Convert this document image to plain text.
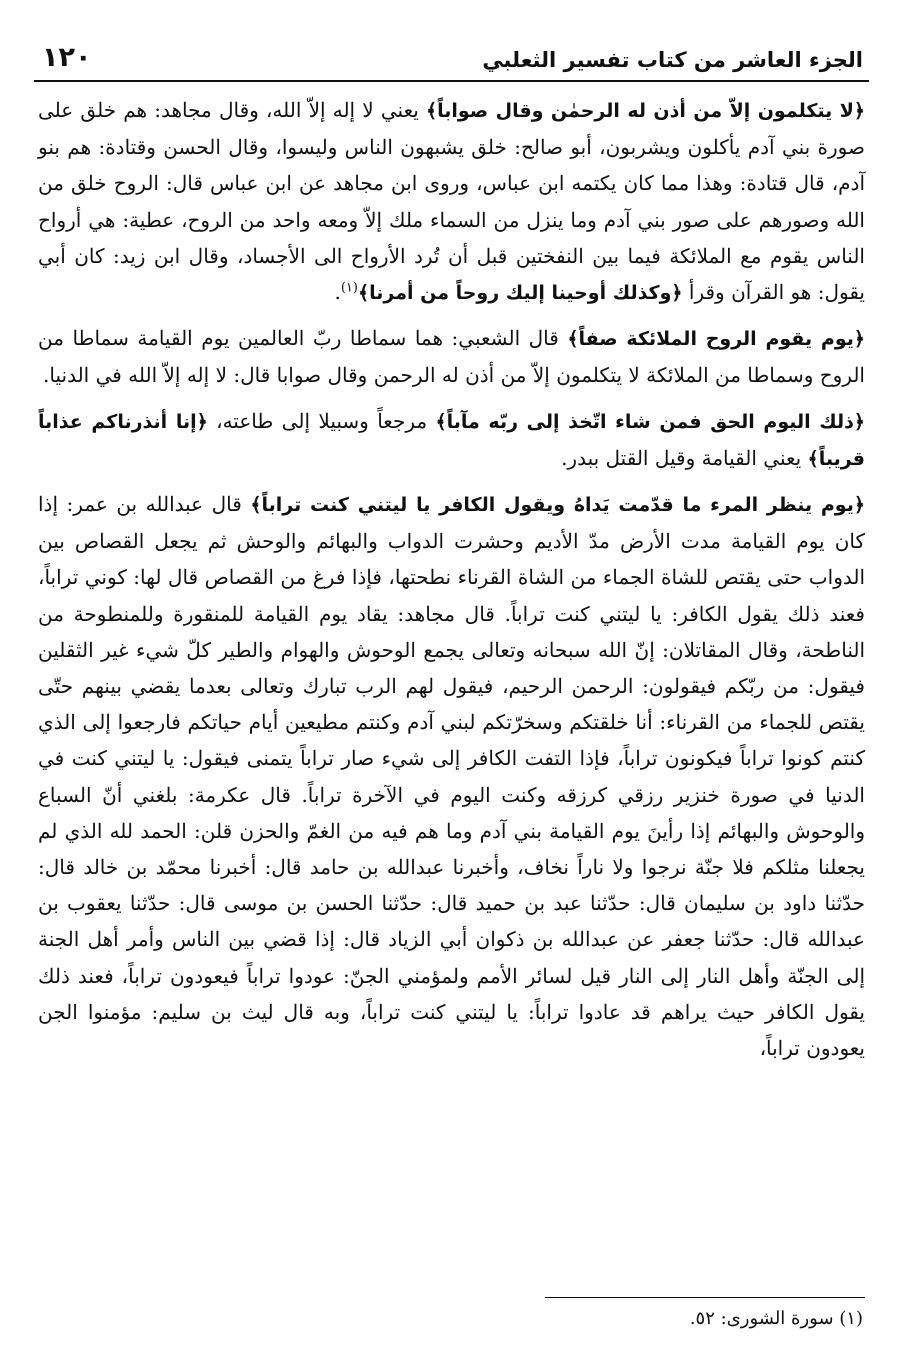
الجزء العاشر من كتاب تفسير الثعلبي
١٢٠

﴿لا يتكلمون إلاّ من أذن له الرحمٰن وقال صواباً﴾ يعني لا إله إلاّ الله، وقال مجاهد: هم خلق على صورة بني آدم يأكلون ويشربون، أبو صالح: خلق يشبهون الناس وليسوا، وقال الحسن وقتادة: هم بنو آدم، قال قتادة: وهذا مما كان يكتمه ابن عباس، وروى ابن مجاهد عن ابن عباس قال: الروح خلق من الله وصورهم على صور بني آدم وما ينزل من السماء ملك إلاّ ومعه واحد من الروح، عطية: هي أرواح الناس يقوم مع الملائكة فيما بين النفختين قبل أن تُرد الأرواح الى الأجساد، وقال ابن زيد: كان أبي يقول: هو القرآن وقرأ ﴿وكذلك أوحينا إليك روحاً من أمرنا﴾$^{(١)}$.

﴿يوم يقوم الروح الملائكة صفاً﴾ قال الشعبي: هما سماطا ربّ العالمين يوم القيامة سماطا من الروح وسماطا من الملائكة لا يتكلمون إلاّ من أذن له الرحمن وقال صوابا قال: لا إله إلاّ الله في الدنيا.

﴿ذلك اليوم الحق فمن شاء اتّخذ إلى ربّه مآباً﴾ مرجعاً وسبيلا إلى طاعته، ﴿إنا أنذرناكم عذاباً قريباً﴾ يعني القيامة وقيل القتل ببدر.

﴿يوم ينظر المرء ما قدّمت يَداهُ ويقول الكافر يا ليتني كنت تراباً﴾ قال عبدالله بن عمر: إذا كان يوم القيامة مدت الأرض مدّ الأديم وحشرت الدواب والبهائم والوحش ثم يجعل القصاص بين الدواب حتى يقتص للشاة الجماء من الشاة القرناء نطحتها، فإذا فرغ من القصاص قال لها: كوني تراباً، فعند ذلك يقول الكافر: يا ليتني كنت تراباً. قال مجاهد: يقاد يوم القيامة للمنقورة وللمنطوحة من الناطحة، وقال المقاتلان: إنّ الله سبحانه وتعالى يجمع الوحوش والهوام والطير كلّ شيء غير الثقلين فيقول: من ربّكم فيقولون: الرحمن الرحيم، فيقول لهم الرب تبارك وتعالى بعدما يقضي بينهم حتّى يقتص للجماء من القرناء: أنا خلقتكم وسخرّتكم لبني آدم وكنتم مطيعين أيام حياتكم فارجعوا إلى الذي كنتم كونوا تراباً فيكونون تراباً، فإذا التفت الكافر إلى شيء صار تراباً يتمنى فيقول: يا ليتني كنت في الدنيا في صورة خنزير رزقي كرزقه وكنت اليوم في الآخرة تراباً. قال عكرمة: بلغني أنّ السباع والوحوش والبهائم إذا رأينَ يوم القيامة بني آدم وما هم فيه من الغمّ والحزن قلن: الحمد لله الذي لم يجعلنا مثلكم فلا جنّة نرجوا ولا ناراً نخاف، وأخبرنا عبدالله بن حامد قال: أخبرنا محمّد بن خالد قال: حدّثنا داود بن سليمان قال: حدّثنا عبد بن حميد قال: حدّثنا الحسن بن موسى قال: حدّثنا يعقوب بن عبدالله قال: حدّثنا جعفر عن عبدالله بن ذكوان أبي الزياد قال: إذا قضي بين الناس وأمر أهل الجنة إلى الجنّة وأهل النار إلى النار قيل لسائر الأمم ولمؤمني الجنّ: عودوا تراباً فيعودون تراباً، فعند ذلك يقول الكافر حيث يراهم قد عادوا تراباً: يا ليتني كنت تراباً، وبه قال ليث بن سليم: مؤمنوا الجن يعودون تراباً،

(١) سورة الشورى: ٥٢.
